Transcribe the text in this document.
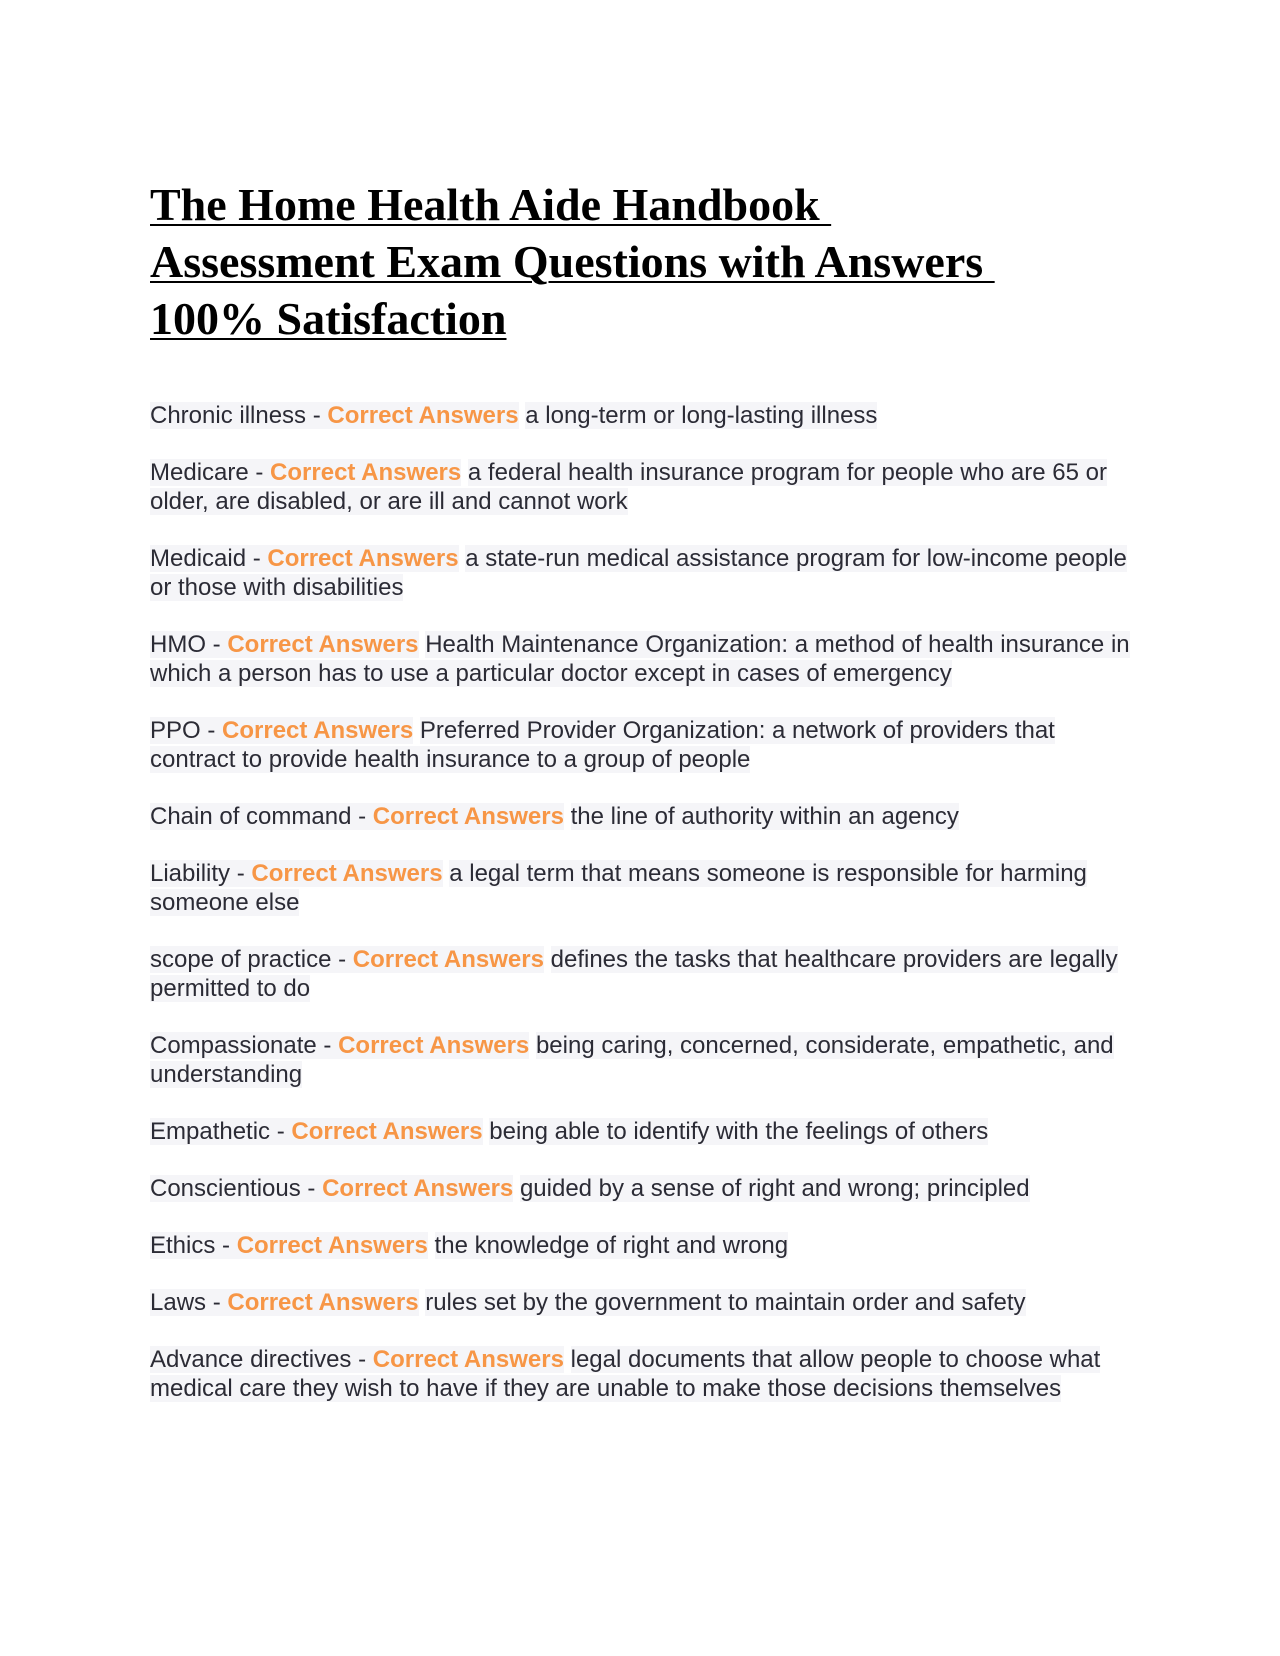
The Home Health Aide Handbook
Assessment Exam Questions with Answers
100% Satisfaction

Chronic illness - Correct Answers a long-term or long-lasting illness

Medicare - Correct Answers a federal health insurance program for people who are 65 or older, are disabled, or are ill and cannot work

Medicaid - Correct Answers a state-run medical assistance program for low-income people or those with disabilities

HMO - Correct Answers Health Maintenance Organization: a method of health insurance in which a person has to use a particular doctor except in cases of emergency

PPO - Correct Answers Preferred Provider Organization: a network of providers that contract to provide health insurance to a group of people

Chain of command - Correct Answers the line of authority within an agency

Liability - Correct Answers a legal term that means someone is responsible for harming someone else

scope of practice - Correct Answers defines the tasks that healthcare providers are legally permitted to do

Compassionate - Correct Answers being caring, concerned, considerate, empathetic, and understanding

Empathetic - Correct Answers being able to identify with the feelings of others

Conscientious - Correct Answers guided by a sense of right and wrong; principled

Ethics - Correct Answers the knowledge of right and wrong

Laws - Correct Answers rules set by the government to maintain order and safety

Advance directives - Correct Answers legal documents that allow people to choose what medical care they wish to have if they are unable to make those decisions themselves
